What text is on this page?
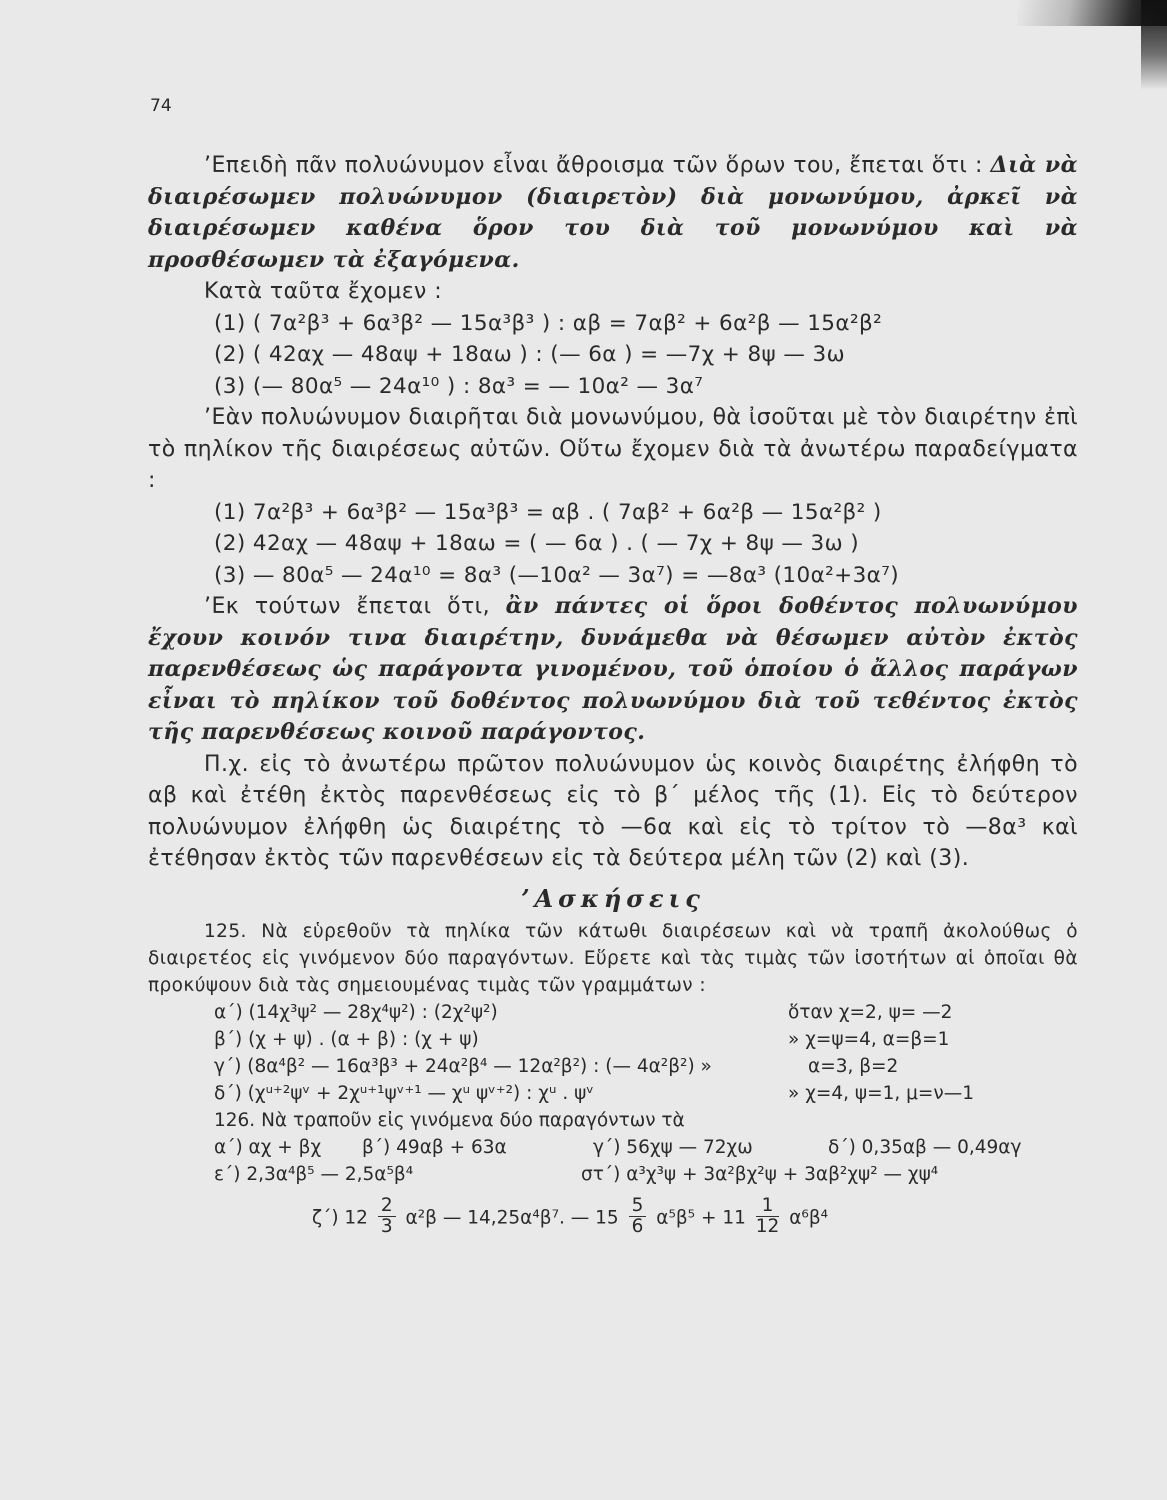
74

’Επειδὴ πᾶν πολυώνυμον εἶναι ἄθροισμα τῶν ὅρων του, ἔπεται ὅτι : Διὰ νὰ διαιρέσωμεν πολυώνυμον (διαιρετὸν) διὰ μονωνύμου, ἀρκεῖ νὰ διαιρέσωμεν καθένα ὅρον του διὰ τοῦ μονωνύμου καὶ νὰ προσθέσωμεν τὰ ἐξαγόμενα.

Κατὰ ταῦτα ἔχομεν :

(1) ( 7α²β³ + 6α³β² — 15α³β³ ) : αβ = 7αβ² + 6α²β — 15α²β²
(2) ( 42αχ — 48αψ + 18αω ) : (— 6α ) = —7χ + 8ψ — 3ω
(3) (— 80α⁵ — 24α¹⁰ ) : 8α³ = — 10α² — 3α⁷

’Εὰν πολυώνυμον διαιρῆται διὰ μονωνύμου, θὰ ἰσοῦται μὲ τὸν διαιρέτην ἐπὶ τὸ πηλίκον τῆς διαιρέσεως αὐτῶν. Οὕτω ἔχομεν διὰ τὰ ἀνωτέρω παραδείγματα :

(1) 7α²β³ + 6α³β² — 15α³β³ = αβ . ( 7αβ² + 6α²β — 15α²β² )
(2) 42αχ — 48αψ + 18αω = ( — 6α ) . ( — 7χ + 8ψ — 3ω )
(3) — 80α⁵ — 24α¹⁰ = 8α³ (—10α² — 3α⁷) = —8α³ (10α²+3α⁷)

’Εκ τούτων ἔπεται ὅτι, ἂν πάντες οἱ ὅροι δοθέντος πολυωνύμου ἔχουν κοινόν τινα διαιρέτην, δυνάμεθα νὰ θέσωμεν αὐτὸν ἐκτὸς παρενθέσεως ὡς παράγοντα γινομένου, τοῦ ὁποίου ὁ ἄλλος παράγων εἶναι τὸ πηλίκον τοῦ δοθέντος πολυωνύμου διὰ τοῦ τεθέντος ἐκτὸς τῆς παρενθέσεως κοινοῦ παράγοντος.

Π.χ. εἰς τὸ ἀνωτέρω πρῶτον πολυώνυμον ὡς κοινὸς διαιρέτης ἐλήφθη τὸ αβ καὶ ἐτέθη ἐκτὸς παρενθέσεως εἰς τὸ β΄ μέλος τῆς (1). Εἰς τὸ δεύτερον πολυώνυμον ἐλήφθη ὡς διαιρέτης τὸ —6α καὶ εἰς τὸ τρίτον τὸ —8α³ καὶ ἐτέθησαν ἐκτὸς τῶν παρενθέσεων εἰς τὰ δεύτερα μέλη τῶν (2) καὶ (3).

’Ασκήσεις

125. Νὰ εὑρεθοῦν τὰ πηλίκα τῶν κάτωθι διαιρέσεων καὶ νὰ τραπῆ ἀκολούθως ὁ διαιρετέος εἰς γινόμενον δύο παραγόντων. Εὕρετε καὶ τὰς τιμὰς τῶν ἰσοτήτων αἱ ὁποῖαι θὰ προκύψουν διὰ τὰς σημειουμένας τιμὰς τῶν γραμμάτων :

α΄) (14χ³ψ² — 28χ⁴ψ²) : (2χ²ψ²)	ὅταν χ=2, ψ= —2
β΄) (χ + ψ) . (α + β) : (χ + ψ)	» χ=ψ=4, α=β=1
γ΄) (8α⁴β² — 16α³β³ + 24α²β⁴ — 12α²β²) : (— 4α²β²) »	α=3, β=2
δ΄) (χᵘ⁺²ψᵛ + 2χᵘ⁺¹ψᵛ⁺¹ — χᵘ ψᵛ⁺²) : χᵘ . ψᵛ	» χ=4, ψ=1, μ=ν—1
126. Νὰ τραποῦν εἰς γινόμενα δύο παραγόντων τὰ
α΄) αχ + βχ β΄) 49αβ + 63α	γ΄) 56χψ — 72χω	δ΄) 0,35αβ — 0,49αγ
ε΄) 2,3α⁴β⁵ — 2,5α⁵β⁴	στ΄) α³χ³ψ + 3α²βχ²ψ + 3αβ²χψ² — χψ⁴
ζ΄) $12 \frac{2}{3} \alpha^2\beta$ — 14,25α⁴β⁷. — $15 \frac{5}{6} \alpha^5\beta^5 + 11 \frac{1}{12} \alpha^6\beta^4$
